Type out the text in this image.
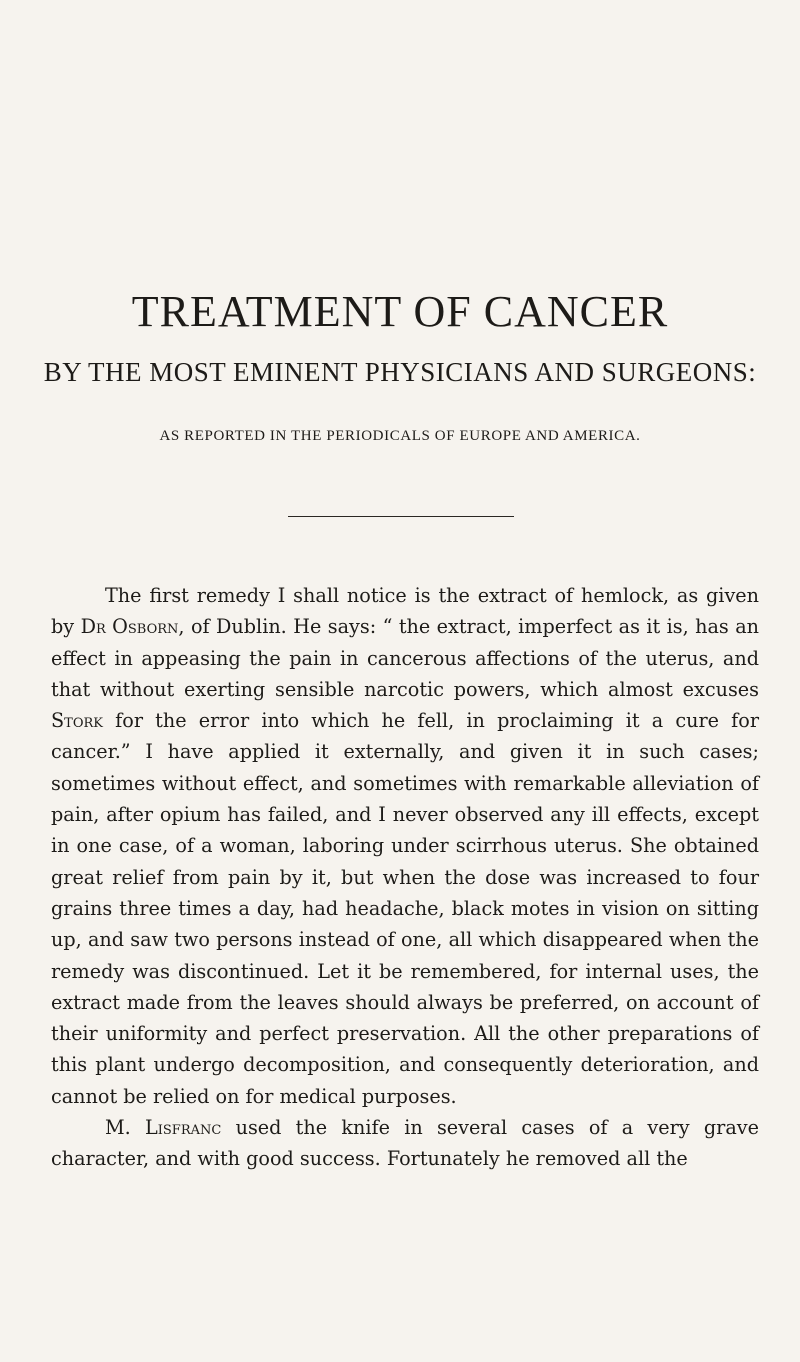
TREATMENT OF CANCER
BY THE MOST EMINENT PHYSICIANS AND SURGEONS:
AS REPORTED IN THE PERIODICALS OF EUROPE AND AMERICA.

The first remedy I shall notice is the extract of hemlock, as given by Dr Osborn, of Dublin. He says: “ the extract, imperfect as it is, has an effect in appeasing the pain in cancerous affections of the uterus, and that without exerting sensible narcotic powers, which almost excuses Stork for the error into which he fell, in proclaiming it a cure for cancer.” I have applied it externally, and given it in such cases; sometimes without effect, and sometimes with remarkable alleviation of pain, after opium has failed, and I never observed any ill effects, except in one case, of a woman, laboring under scirrhous uterus. She obtained great relief from pain by it, but when the dose was increased to four grains three times a day, had headache, black motes in vision on sitting up, and saw two persons instead of one, all which disappeared when the remedy was discontinued. Let it be remembered, for internal uses, the extract made from the leaves should always be preferred, on account of their uniformity and perfect preservation. All the other preparations of this plant undergo decomposition, and consequently deterioration, and cannot be relied on for medical purposes.

M. Lisfranc used the knife in several cases of a very grave character, and with good success. Fortunately he removed all the
